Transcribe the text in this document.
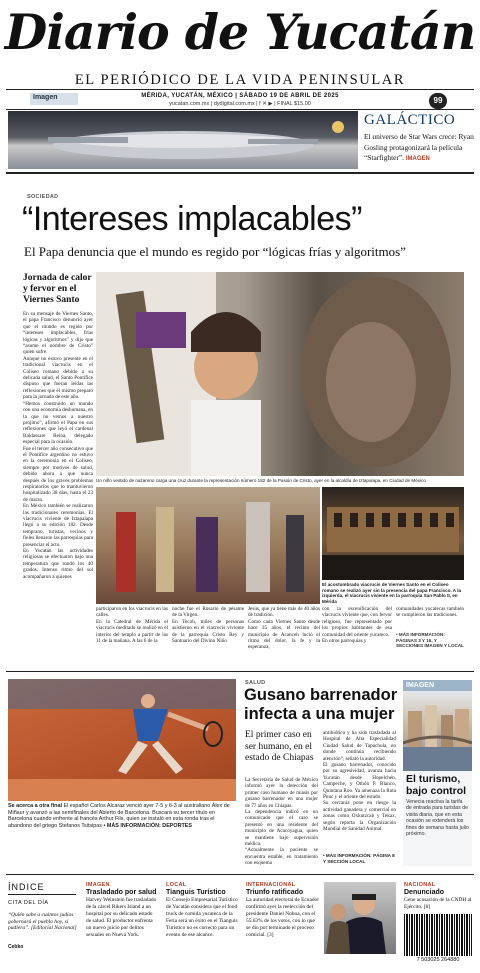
Diario de Yucatán
EL PERIÓDICO DE LA VIDA PENINSULAR
Imagen	MÉRIDA, YUCATÁN, MÉXICO | SÁBADO 19 DE ABRIL DE 2025
yucatan.com.mx | dydigital.com.mx | f ✕ ▶ | FINAL $15.00	99
GALÁCTICO
El universo de Star Wars crece: Ryan Gosling protagonizará la película “Starfighter”. IMAGEN
SOCIEDAD
“Intereses implacables”
El Papa denuncia que el mundo es regido por “lógicas frías y algoritmos”
Jornada de calor y fervor en el Viernes Santo
En su mensaje de Viernes Santo, el papa Francisco denunció ayer que el mundo es regido por “intereses implacables, frías lógicas y algoritmos” y dijo que “asume el nombre de Cristo” quien sufre.
Aunque no estuvo presente en el tradicional viacrucis en el Coliseo romano debido a su delicada salud, el Santo Pontífice dispuso que fueran leídas las reflexiones que él mismo preparó para la jornada de este año.
“Hemos construido un mundo con una economía deshumana, en la que no vemos a nuestro prójimo”, afirmó el Papa en sus reflexiones que leyó el cardenal Baldassare Reina, delegado especial para la ocasión.
Fue el tercer año consecutivo que el Pontífice argentino no estuvo en la ceremonia en el Coliseo, siempre por motivos de salud, debido ahora a que nunca después de los graves problemas respiratorios que lo mantuvieron hospitalizado 38 días, hasta el 23 de marzo.
En México también se realizaron las tradicionales ceremonias. El viacrucis viviente de Iztapalapa llegó a su edición 182. Desde temprano, turistas, vecinos y fieles llenaron las parroquias para presenciar el acto.
En Yucatán las actividades religiosas se efectuaron bajo una temperatura que rondó los 40 grados. Intenso ritmo del sol acompañaron a quienes
Un niño vestido de nazareno carga una cruz durante la representación número 182 de la Pasión de Cristo, ayer en la alcaldía de Iztapalapa, en Ciudad de México
El acostumbrado viacrucis de Viernes Santo en el Coliseo romano se realizó ayer sin la presencia del papa Francisco. A la izquierda, el viacrucis viviente en la parroquia San Pablo II, en Mérida
participaron en los viacrucis en las calles.
En la Catedral de Mérida el viacrucis meditado se realizó en el interior del templo a partir de las 11 de la mañana. A las 6 de la
noche fue el Rosario de pésame de la Virgen.
En Tecoh, miles de personas asistieron en el viacrucis viviente de la parroquia Cristo Rey y Santuario del Divino Niño
Jesús, que ya tiene más de 40 años de tradición.
Como cada Viernes Santo desde hace 35 años, el recinto del municipio de Acanceh lució el ritmo del dolor, la fe y la esperanza,
con la escenificación del viacrucis viviente que, con fervor religioso, fue representado por los propios habitantes de esa comunidad del oriente yucateco.
En otros parroquias y
comunidades yucatecas también se cumplieron las tradiciones.
• MÁS INFORMACIÓN: PÁGINAS 3 Y 16, Y SECCIONES IMAGEN Y LOCAL
Se acerca a otra final El español Carlos Alcaraz venció ayer 7-5 y 6-3 al australiano Álex de Miñaur y avanzó a las semifinales del Abierto de Barcelona. Buscará su tercer título en Barcelona cuando enfrente al francés Arthur Fils, quien se instaló en esta ronda tras el abandono del griego Stefanos Tsitsipas • MÁS INFORMACIÓN: DEPORTES
SALUD
Gusano barrenador infecta a una mujer
El primer caso en ser humano, en el estado de Chiapas
La Secretaría de Salud de México informó ayer la detección del primer caso humano de miasis por gusano barrenador en una mujer de 77 años en Chiapas.
La dependencia indicó en un comunicado que el caso se presentó en una residente del municipio de Acacoyagua, quien se mantiene bajo supervisión médica.
“Actualmente la paciente se encuentra estable, en tratamiento con esquema
antibiótico y ha sido trasladada al Hospital de Alta Especialidad Ciudad Salud de Tapachula, en donde continúa recibiendo atención”, señaló la autoridad.
El gusano barrenador, conocido por su agresividad, avanza hacia Yucatán desde Hopelchén, Campeche, y Othón P. Blanco, Quintana Roo. Ya amenaza la Ruta Puuc y el oriente del estado.
Su cercanía pone en riesgo la actividad ganadera y comercial en zonas como Oxkutzcab y Tekax, según reporta la Organización Mundial de Sanidad Animal.
• MÁS INFORMACIÓN: PÁGINA 8 Y SECCIÓN LOCAL
IMAGEN
El turismo, bajo control
Venecia reactiva la tarifa de entrada para turistas de visita diaria, que en esta ocasión se extenderá los fines de semana hasta julio próximo.
ÍNDICE
CITA DEL DÍA
“Quién sabe a cuántos judíos gobernará el pueblo hoy, si pudiera”. [Editorial Nacional]
Cebko
IMAGEN
Trasladado por salud
Harvey Weinstein fue trasladado de la cárcel Rikers Island a un hospital por su delicado estado de salud. El productor enfrenta un nuevo juicio por delitos sexuales en Nueva York.
LOCAL
Tianguis Turístico
El Consejo Empresarial Turístico de Yucatán considera que el food truck de comida yucateca de la Feria será un éxito en el Tianguis Turístico no es correcto para un evento de ese alcance.
INTERNACIONAL
Triunfo ratificado
La autoridad electoral de Ecuador confirmó ayer la reelección del presidente Daniel Noboa, con el 55.63% de los votos, con lo que se dio por terminado el proceso comicial. [3]
NACIONAL
Denunciado
Gene acusación de la CNDH al Ejército. [8]
7 503025 264880
